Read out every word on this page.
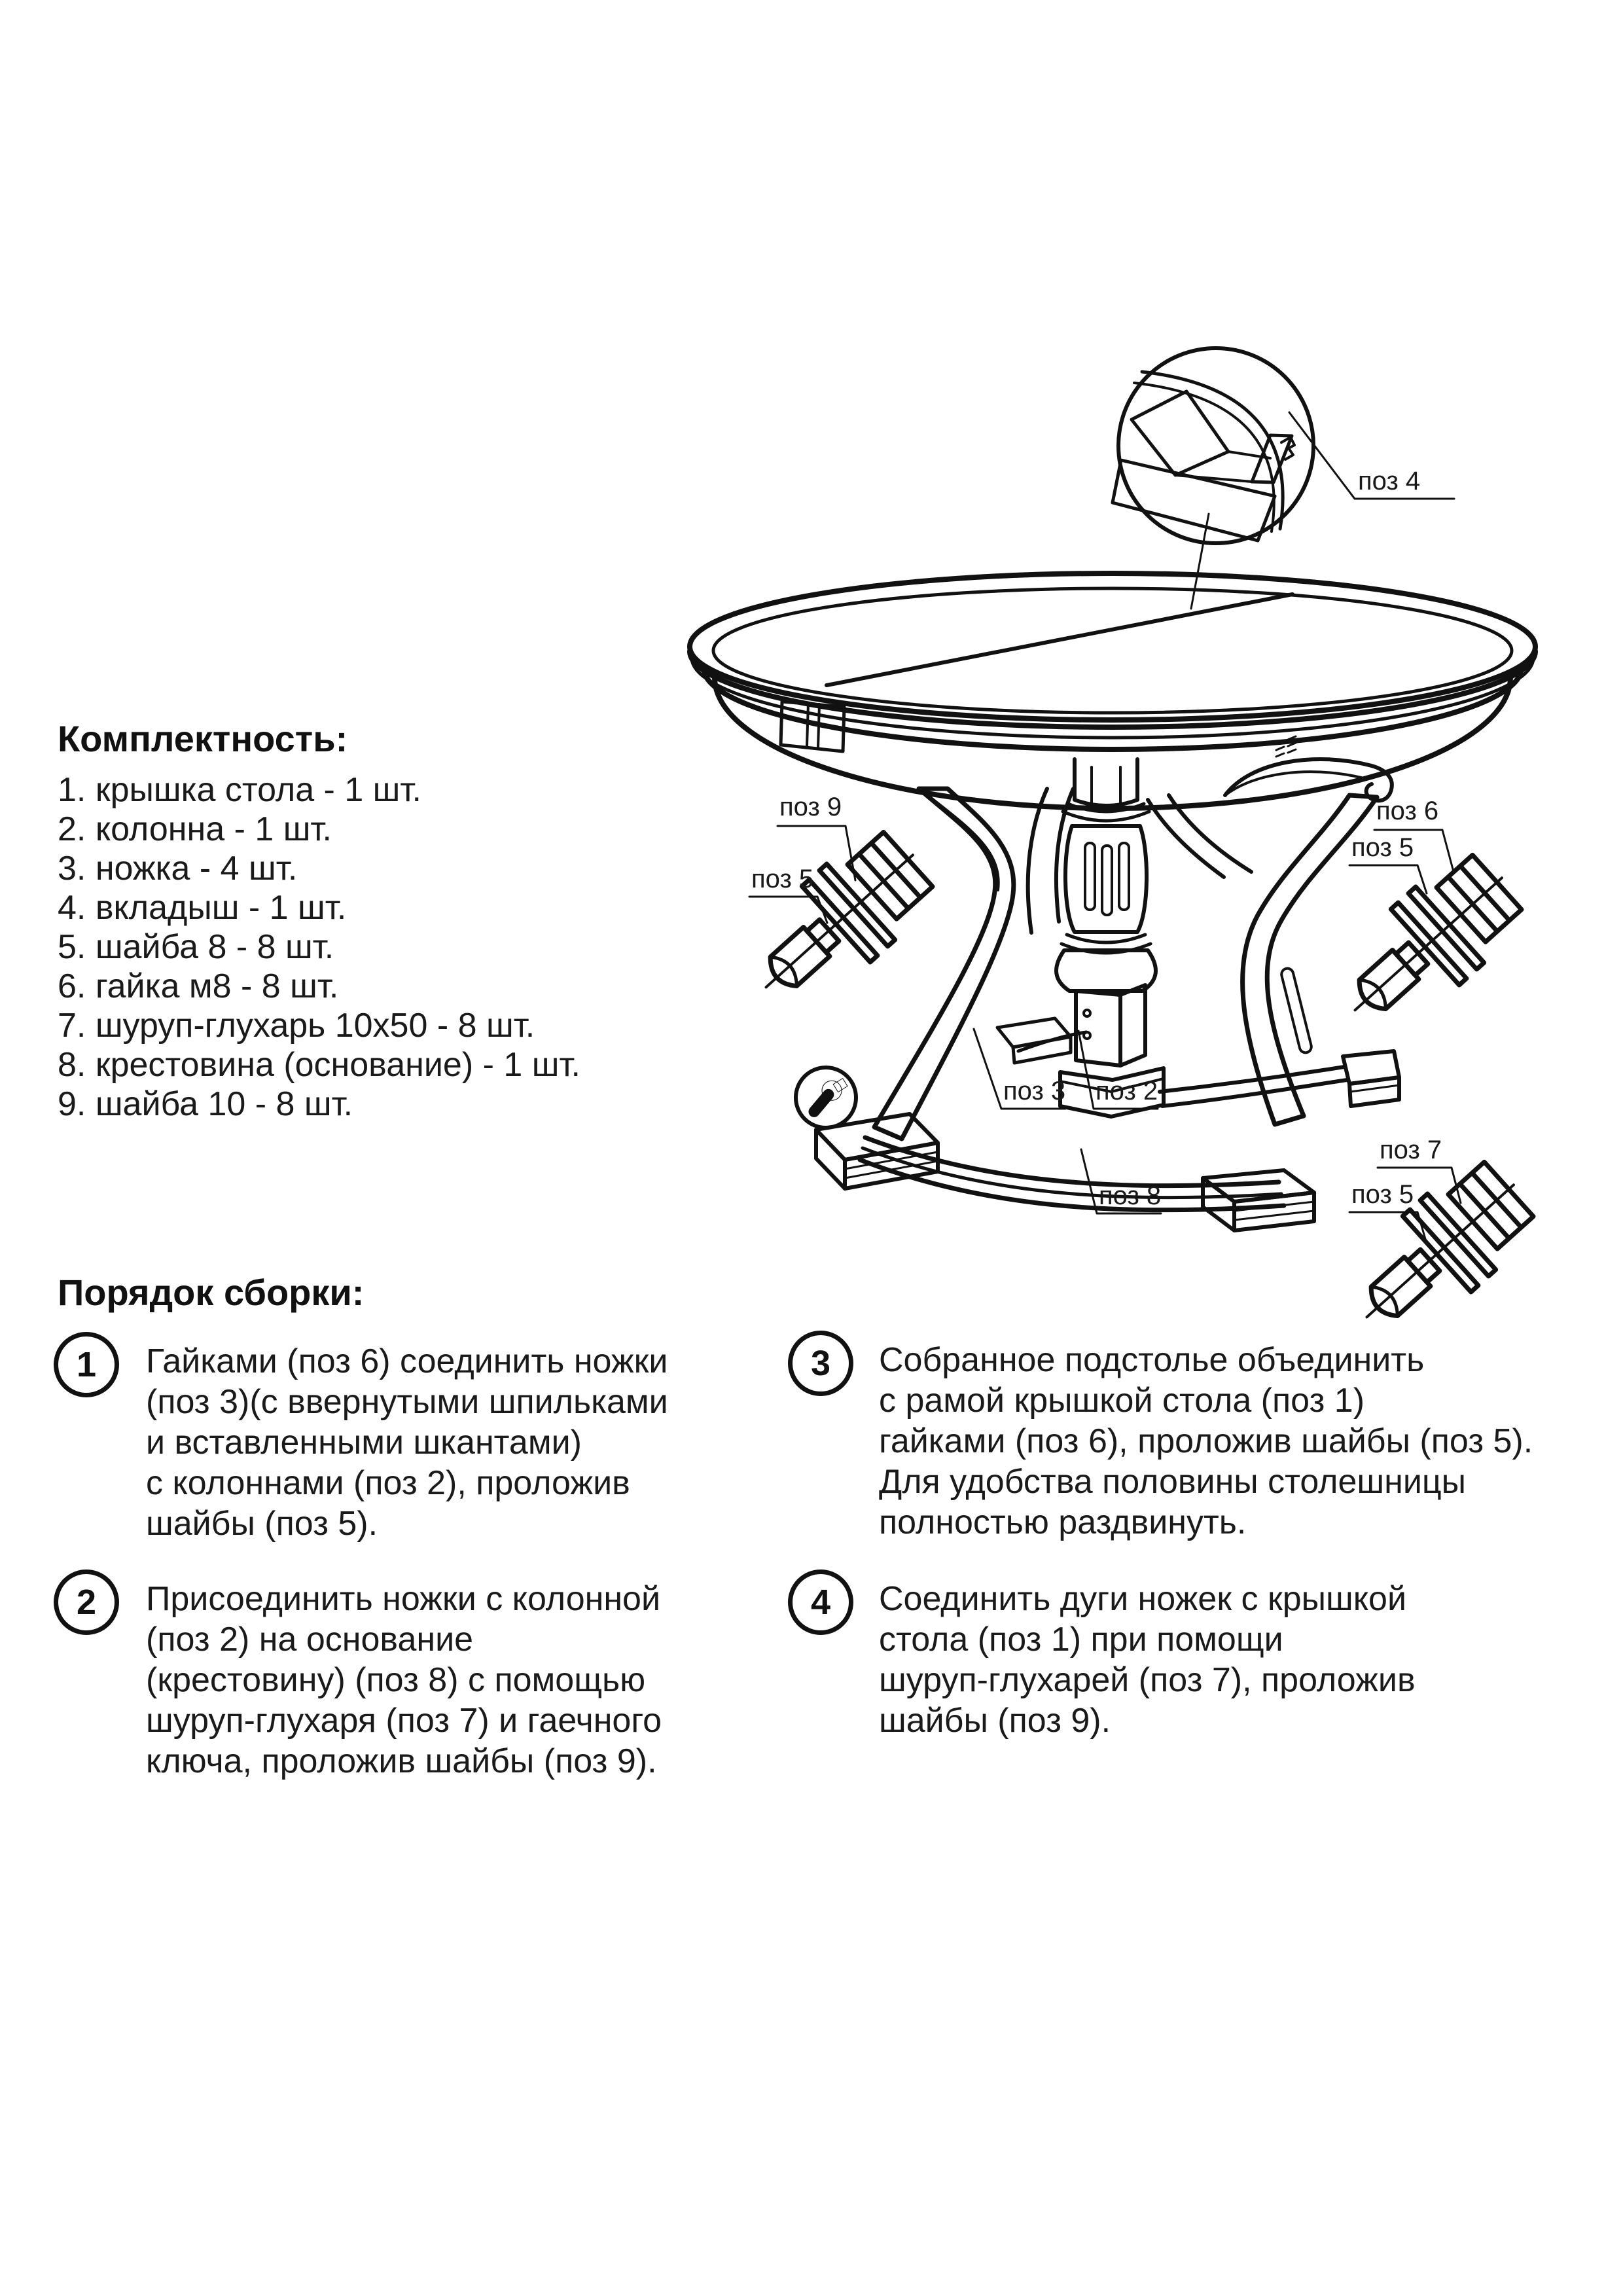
Комплектность:
1. крышка стола - 1 шт.
2. колонна - 1 шт.
3. ножка - 4 шт.
4. вкладыш - 1 шт.
5. шайба 8 - 8 шт.
6. гайка м8 - 8 шт.
7. шуруп-глухарь 10х50 - 8 шт.
8. крестовина (основание) - 1 шт.
9. шайба 10 - 8 шт.
поз 4
поз 9
поз 5
поз 6
поз 5
поз 3 поз 2
поз 8
поз 7
поз 5
Порядок сборки:
1	Гайками (поз 6) соединить ножки
(поз 3)(с ввернутыми шпильками
и вставленными шкантами)
с колоннами (поз 2), проложив
шайбы (поз 5).
2	Присоединить ножки с колонной
(поз 2) на основание
(крестовину) (поз 8) с помощью
шуруп-глухаря (поз 7) и гаечного
ключа, проложив шайбы (поз 9).
3	Собранное подстолье объединить
с рамой крышкой стола (поз 1)
гайками (поз 6), проложив шайбы (поз 5).
Для удобства половины столешницы
полностью раздвинуть.
4	Соединить дуги ножек с крышкой
стола (поз 1) при помощи
шуруп-глухарей (поз 7), проложив
шайбы (поз 9).
